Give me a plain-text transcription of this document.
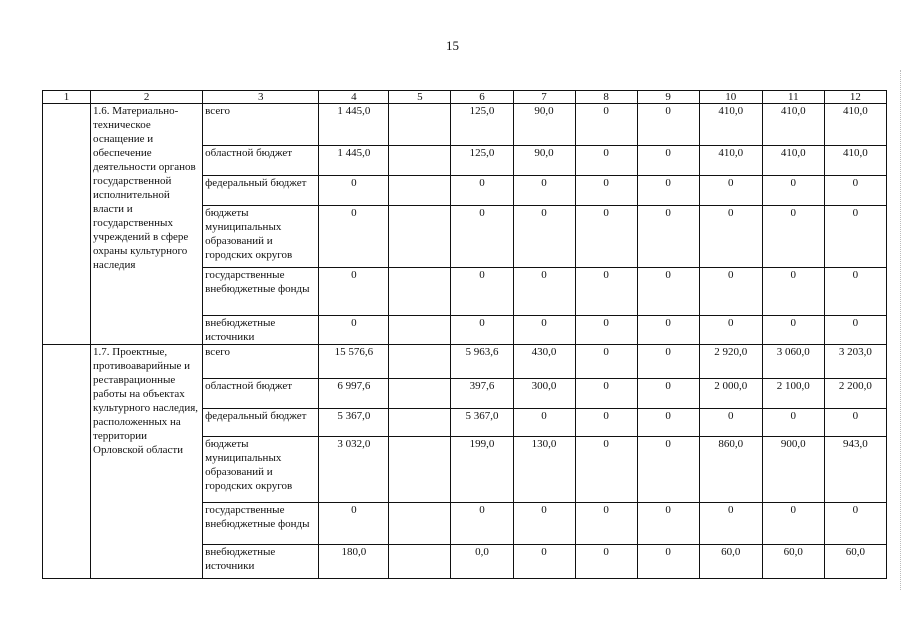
15
1	2	3	4	5	6	7	8	9	10	11	12
	1.6. Материально-техническое оснащение и обеспечение деятельности органов государственной исполнительной власти и государственных учреждений в сфере охраны культурного наследия	всего	1 445,0		125,0	90,0	0	0	410,0	410,0	410,0
		областной бюджет	1 445,0		125,0	90,0	0	0	410,0	410,0	410,0
		федеральный бюджет	0		0	0	0	0	0	0	0
		бюджеты муниципальных образований и городских округов	0		0	0	0	0	0	0	0
		государственные внебюджетные фонды	0		0	0	0	0	0	0	0
		внебюджетные источники	0		0	0	0	0	0	0	0
	1.7. Проектные, противоаварийные и реставрационные работы на объектах культурного наследия, расположенных на территории Орловской области	всего	15 576,6		5 963,6	430,0	0	0	2 920,0	3 060,0	3 203,0
		областной бюджет	6 997,6		397,6	300,0	0	0	2 000,0	2 100,0	2 200,0
		федеральный бюджет	5 367,0		5 367,0	0	0	0	0	0	0
		бюджеты муниципальных образований и городских округов	3 032,0		199,0	130,0	0	0	860,0	900,0	943,0
		государственные внебюджетные фонды	0		0	0	0	0	0	0	0
		внебюджетные источники	180,0		0,0	0	0	0	60,0	60,0	60,0
